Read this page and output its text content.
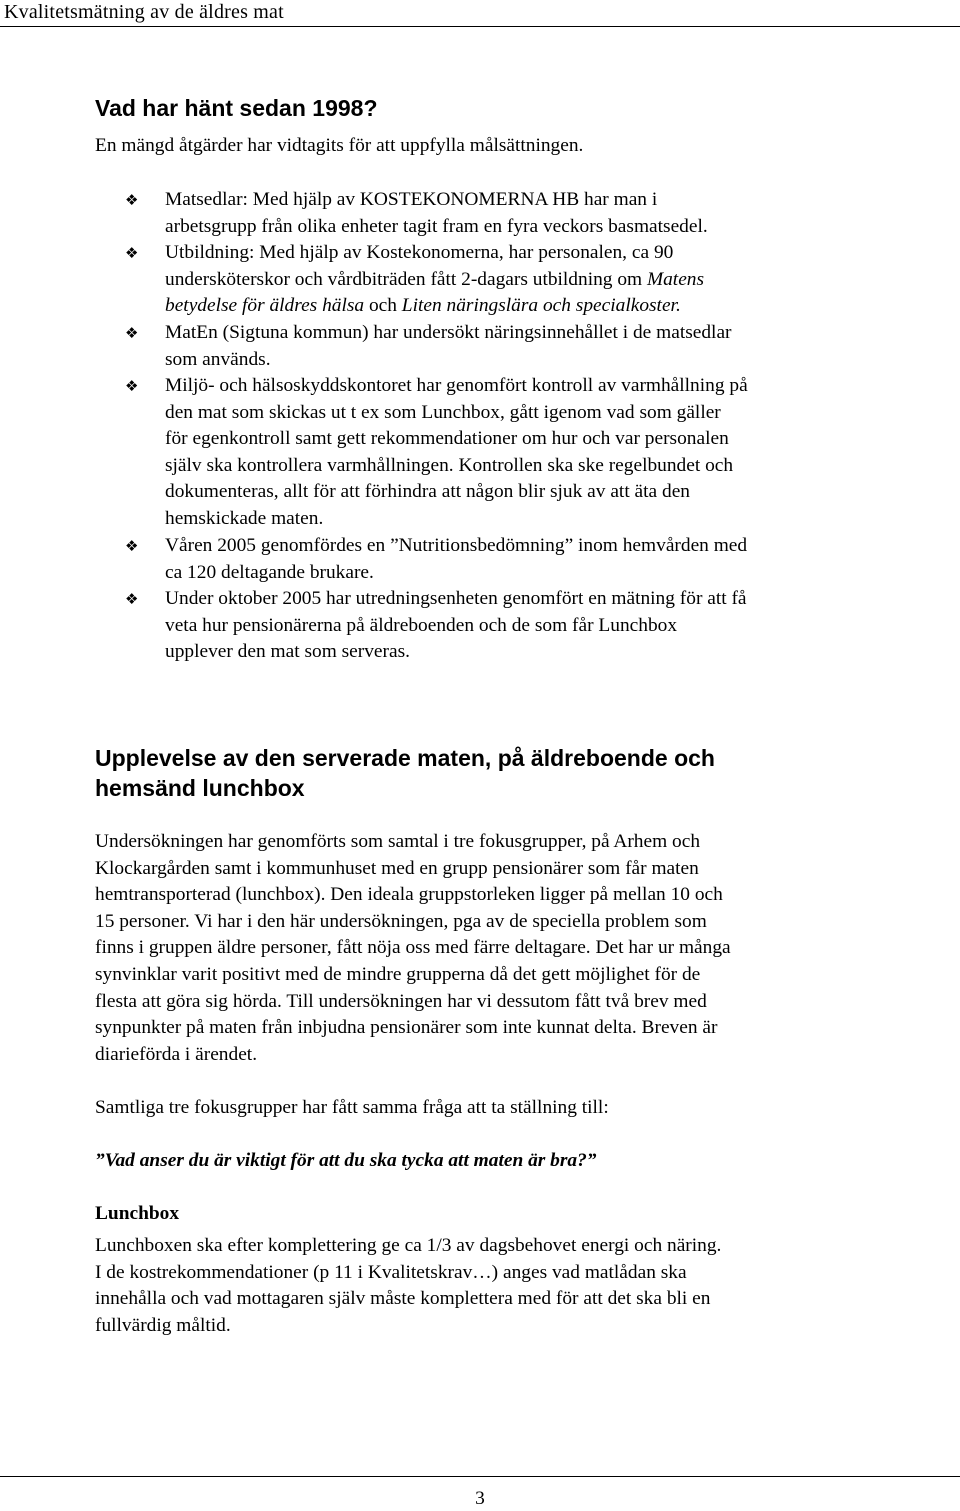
Kvalitetsmätning av de äldres mat
Vad har hänt sedan 1998?
En mängd åtgärder har vidtagits för att uppfylla målsättningen.
❖	Matsedlar: Med hjälp av KOSTEKONOMERNA HB har man i
arbetsgrupp från olika enheter tagit fram en fyra veckors basmatsedel.
❖	Utbildning: Med hjälp av Kostekonomerna, har personalen, ca 90
undersköterskor och vårdbiträden fått 2-dagars utbildning om Matens
betydelse för äldres hälsa och Liten näringslära och specialkoster.
❖	MatEn (Sigtuna kommun) har undersökt näringsinnehållet i de matsedlar
som används.
❖	Miljö- och hälsoskyddskontoret har genomfört kontroll av varmhållning på
den mat som skickas ut t ex som Lunchbox, gått igenom vad som gäller
för egenkontroll samt gett rekommendationer om hur och var personalen
själv ska kontrollera varmhållningen. Kontrollen ska ske regelbundet och
dokumenteras, allt för att förhindra att någon blir sjuk av att äta den
hemskickade maten.
❖	Våren 2005 genomfördes en ”Nutritionsbedömning” inom hemvården med
ca 120 deltagande brukare.
❖	Under oktober 2005 har utredningsenheten genomfört en mätning för att få
veta hur pensionärerna på äldreboenden och de som får Lunchbox
upplever den mat som serveras.
Upplevelse av den serverade maten, på äldreboende och
hemsänd lunchbox
Undersökningen har genomförts som samtal i tre fokusgrupper, på Arhem och
Klockargården samt i kommunhuset med en grupp pensionärer som får maten
hemtransporterad (lunchbox). Den ideala gruppstorleken ligger på mellan 10 och
15 personer. Vi har i den här undersökningen, pga av de speciella problem som
finns i gruppen äldre personer, fått nöja oss med färre deltagare. Det har ur många
synvinklar varit positivt med de mindre grupperna då det gett möjlighet för de
flesta att göra sig hörda. Till undersökningen har vi dessutom fått två brev med
synpunkter på maten från inbjudna pensionärer som inte kunnat delta. Breven är
diarieförda i ärendet.
Samtliga tre fokusgrupper har fått samma fråga att ta ställning till:
”Vad anser du är viktigt för att du ska tycka att maten är bra?”
Lunchbox
Lunchboxen ska efter komplettering ge ca 1/3 av dagsbehovet energi och näring.
I de kostrekommendationer (p 11 i Kvalitetskrav…) anges vad matlådan ska
innehålla och vad mottagaren själv måste komplettera med för att det ska bli en
fullvärdig måltid.
3
